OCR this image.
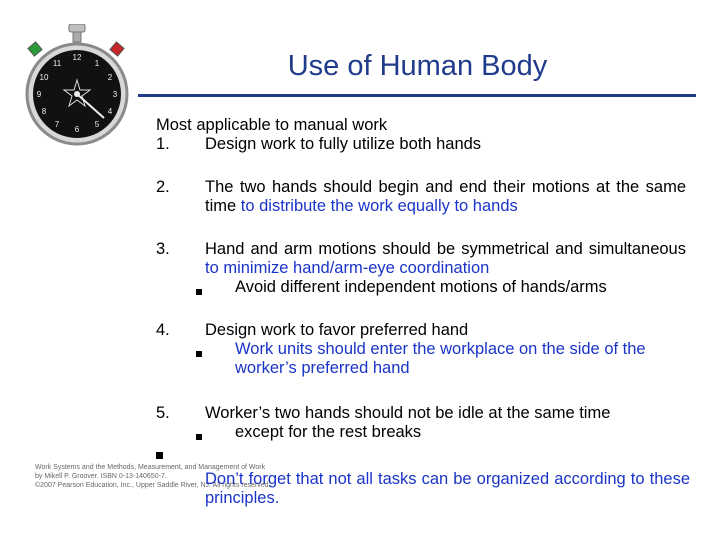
12
1
2
3
4
5
6
7
8
9
10
11	Use of Human Body
Most applicable to manual work
1. Design work to fully utilize both hands
2. The two hands should begin and end their motions at the same time to distribute the work equally to hands
3. Hand and arm motions should be symmetrical and simultaneous to minimize hand/arm-eye coordination
Avoid different independent motions of hands/arms
4. Design work to favor preferred hand
Work units should enter the workplace on the side of the worker’s preferred hand
5. Worker’s two hands should not be idle at the same time
except for the rest breaks
Work Systems and the Methods, Measurement, and Management of Work
by Mikell P. Groover. ISBN 0-13-140650-7.
©2007 Pearson Education, Inc., Upper Saddle River, NJ. All rights reserved.
Don’t forget that not all tasks can be organized according to these principles.
